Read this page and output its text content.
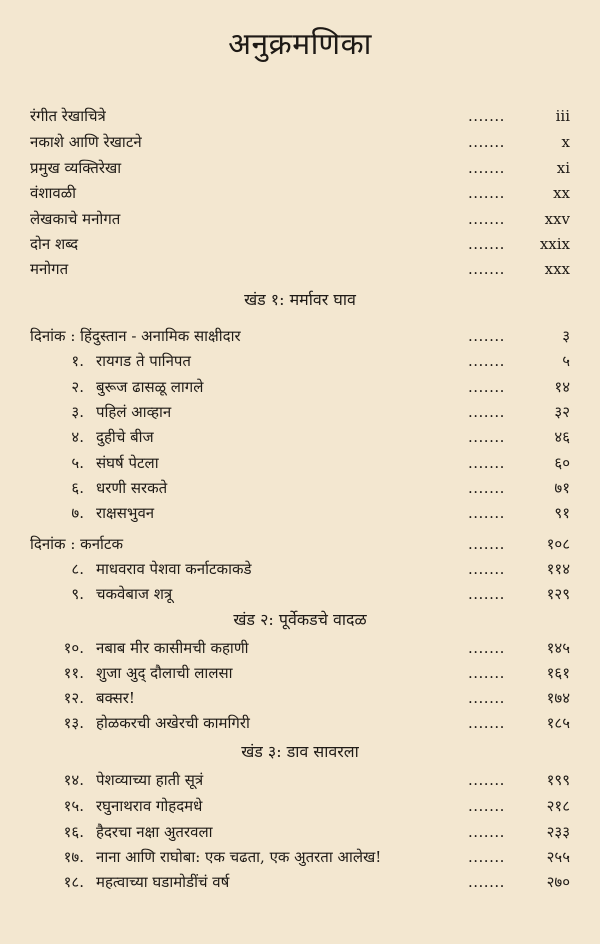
अनुक्रमणिका
रंगीत रेखाचित्रे	.......	iii
नकाशे आणि रेखाटने	.......	x
प्रमुख व्यक्तिरेखा	.......	xi
वंशावळी	.......	xx
लेखकाचे मनोगत	.......	xxv
दोन शब्द	....... xxix
मनोगत	.......	xxx
खंड १: मर्मावर घाव
दिनांक : हिंदुस्तान - अनामिक साक्षीदार	.......	३
१. रायगड ते पानिपत	.......	५
२. बुरूज ढासळू लागले	.......	१४
३. पहिलं आव्हान	.......	३२
४. दुहीचे बीज	.......	४६
५. संघर्ष पेटला	.......	६०
६. धरणी सरकते	.......	७१
७. राक्षसभुवन	.......	९१
दिनांक : कर्नाटक	.......	१०८
८. माधवराव पेशवा कर्नाटकाकडे	.......	११४
९. चकवेबाज शत्रू	.......	१२९
खंड २: पूर्वेकडचे वादळ
१०. नबाब मीर कासीमची कहाणी	.......	१४५
११. शुजा अुद् दौलाची लालसा	.......	१६१
१२. बक्सर!	.......	१७४
१३. होळकरची अखेरची कामगिरी	.......	१८५
खंड ३: डाव सावरला
१४. पेशव्याच्या हाती सूत्रं	.......	१९९
१५. रघुनाथराव गोहदमधे	.......	२१८
१६. हैदरचा नक्षा अुतरवला	.......	२३३
१७. नाना आणि राघोबा: एक चढता, एक अुतरता आलेख!	.......	२५५
१८. महत्वाच्या घडामोडींचं वर्ष	.......	२७०
